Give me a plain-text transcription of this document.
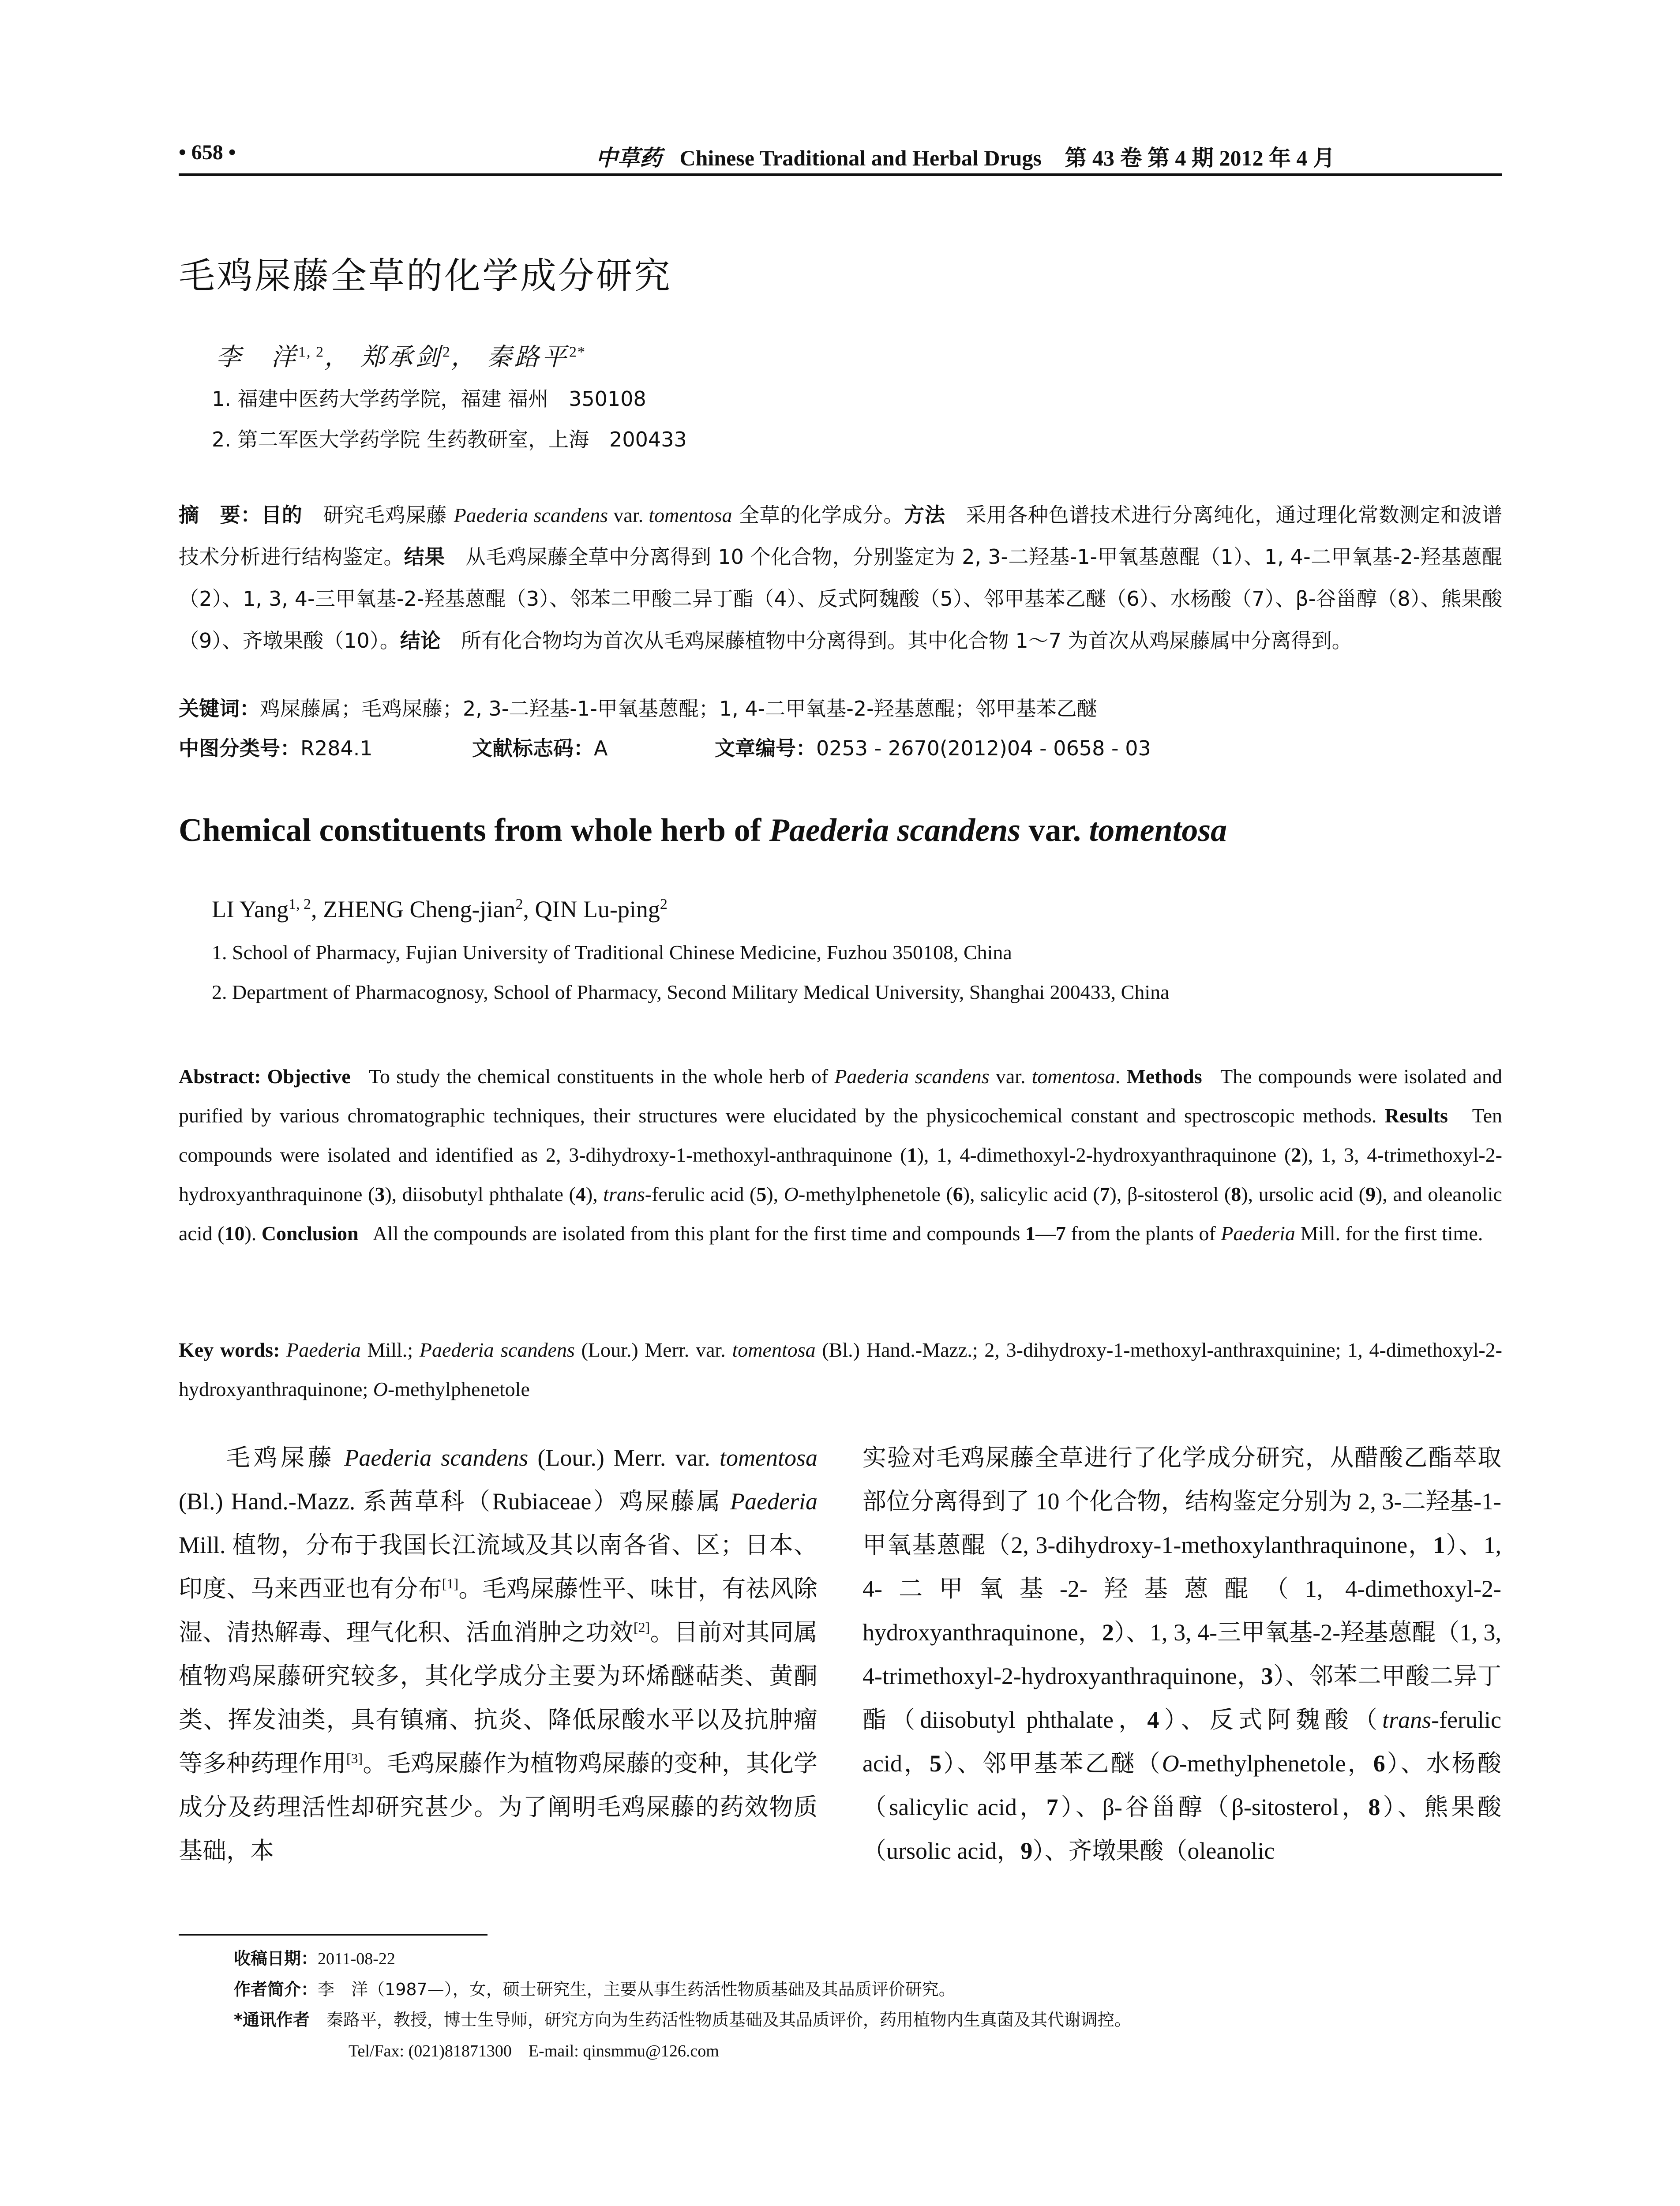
• 658 •	中草药 Chinese Traditional and Herbal Drugs 第 43 卷 第 4 期 2012 年 4 月
毛鸡屎藤全草的化学成分研究
李　洋$^{1, 2}$， 郑承剑$^2$， 秦路平$^{2*}$
1. 福建中医药大学药学院，福建 福州　350108
2. 第二军医大学药学院 生药教研室，上海　200433
摘　要：目的　研究毛鸡屎藤 Paederia scandens var. tomentosa 全草的化学成分。方法　采用各种色谱技术进行分离纯化，通过理化常数测定和波谱技术分析进行结构鉴定。结果　从毛鸡屎藤全草中分离得到 10 个化合物，分别鉴定为 2, 3-二羟基-1-甲氧基蒽醌（1）、1, 4-二甲氧基-2-羟基蒽醌（2）、1, 3, 4-三甲氧基-2-羟基蒽醌（3）、邻苯二甲酸二异丁酯（4）、反式阿魏酸（5）、邻甲基苯乙醚（6）、水杨酸（7）、β-谷甾醇（8）、熊果酸（9）、齐墩果酸（10）。结论　所有化合物均为首次从毛鸡屎藤植物中分离得到。其中化合物 1～7 为首次从鸡屎藤属中分离得到。
关键词：鸡屎藤属；毛鸡屎藤；2, 3-二羟基-1-甲氧基蒽醌；1, 4-二甲氧基-2-羟基蒽醌；邻甲基苯乙醚
中图分类号：R284.1	文献标志码：A	文章编号：0253 - 2670(2012)04 - 0658 - 03
Chemical constituents from whole herb of Paederia scandens var. tomentosa
LI Yang$^{1, 2}$, ZHENG Cheng-jian$^2$, QIN Lu-ping$^2$
1. School of Pharmacy, Fujian University of Traditional Chinese Medicine, Fuzhou 350108, China
2. Department of Pharmacognosy, School of Pharmacy, Second Military Medical University, Shanghai 200433, China
Abstract: Objective To study the chemical constituents in the whole herb of Paederia scandens var. tomentosa. Methods The compounds were isolated and purified by various chromatographic techniques, their structures were elucidated by the physicochemical constant and spectroscopic methods. Results Ten compounds were isolated and identified as 2, 3-dihydroxy-1-methoxyl-anthraquinone (1), 1, 4-dimethoxyl-2-hydroxyanthraquinone (2), 1, 3, 4-trimethoxyl-2-hydroxyanthraquinone (3), diisobutyl phthalate (4), trans-ferulic acid (5), O-methylphenetole (6), salicylic acid (7), β-sitosterol (8), ursolic acid (9), and oleanolic acid (10). Conclusion All the compounds are isolated from this plant for the first time and compounds 1—7 from the plants of Paederia Mill. for the first time.
Key words: Paederia Mill.; Paederia scandens (Lour.) Merr. var. tomentosa (Bl.) Hand.-Mazz.; 2, 3-dihydroxy-1-methoxyl-anthraxquinine; 1, 4-dimethoxyl-2-hydroxyanthraquinone; O-methylphenetole
毛鸡屎藤 Paederia scandens (Lour.) Merr. var. tomentosa (Bl.) Hand.-Mazz. 系茜草科（Rubiaceae）鸡屎藤属 Paederia Mill. 植物，分布于我国长江流域及其以南各省、区；日本、印度、马来西亚也有分布[1]。毛鸡屎藤性平、味甘，有祛风除湿、清热解毒、理气化积、活血消肿之功效[2]。目前对其同属植物鸡屎藤研究较多，其化学成分主要为环烯醚萜类、黄酮类、挥发油类，具有镇痛、抗炎、降低尿酸水平以及抗肿瘤等多种药理作用[3]。毛鸡屎藤作为植物鸡屎藤的变种，其化学成分及药理活性却研究甚少。为了阐明毛鸡屎藤的药效物质基础，本
实验对毛鸡屎藤全草进行了化学成分研究，从醋酸乙酯萃取部位分离得到了 10 个化合物，结构鉴定分别为 2, 3-二羟基-1-甲氧基蒽醌（2, 3-dihydroxy-1-methoxylanthraquinone，1）、1, 4-二甲氧基-2-羟基蒽醌（1, 4-dimethoxyl-2-hydroxyanthraquinone，2）、1, 3, 4-三甲氧基-2-羟基蒽醌（1, 3, 4-trimethoxyl-2-hydroxyanthraquinone，3）、邻苯二甲酸二异丁酯（diisobutyl phthalate，4）、反式阿魏酸（trans-ferulic acid，5）、邻甲基苯乙醚（O-methylphenetole，6）、水杨酸（salicylic acid，7）、β-谷甾醇（β-sitosterol，8）、熊果酸（ursolic acid，9）、齐墩果酸（oleanolic
收稿日期：2011-08-22
作者简介：李　洋（1987—），女，硕士研究生，主要从事生药活性物质基础及其品质评价研究。
*通讯作者　秦路平，教授，博士生导师，研究方向为生药活性物质基础及其品质评价，药用植物内生真菌及其代谢调控。
Tel/Fax: (021)81871300　E-mail: qinsmmu@126.com
